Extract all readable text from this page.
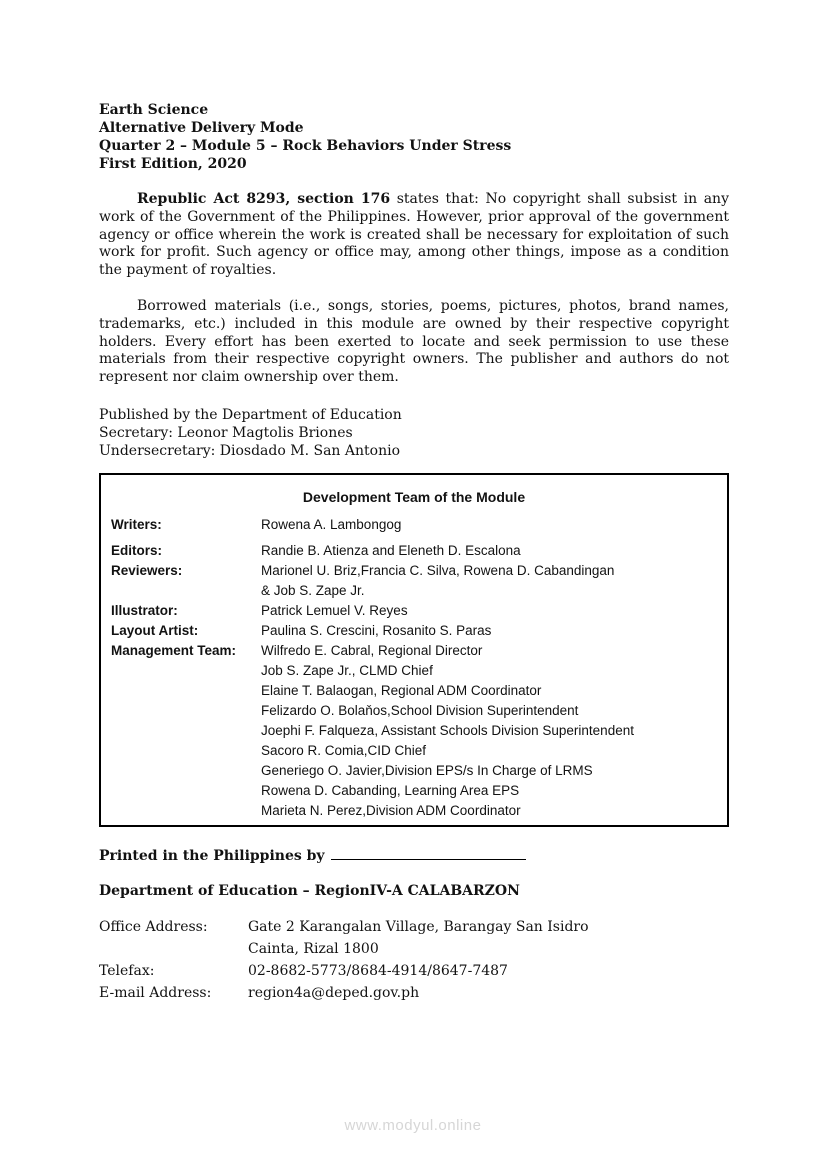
Earth Science
Alternative Delivery Mode
Quarter 2 – Module 5 – Rock Behaviors Under Stress
First Edition, 2020

Republic Act 8293, section 176 states that: No copyright shall subsist in any work of the Government of the Philippines. However, prior approval of the government agency or office wherein the work is created shall be necessary for exploitation of such work for profit. Such agency or office may, among other things, impose as a condition the payment of royalties.

Borrowed materials (i.e., songs, stories, poems, pictures, photos, brand names, trademarks, etc.) included in this module are owned by their respective copyright holders. Every effort has been exerted to locate and seek permission to use these materials from their respective copyright owners. The publisher and authors do not represent nor claim ownership over them.

Published by the Department of Education
Secretary: Leonor Magtolis Briones
Undersecretary: Diosdado M. San Antonio
Development Team of the Module
Writers:	Rowena A. Lambongog
Editors:	Randie B. Atienza and Eleneth D. Escalona
Reviewers:	Marionel U. Briz,Francia C. Silva, Rowena D. Cabandingan
& Job S. Zape Jr.
Illustrator:	Patrick Lemuel V. Reyes
Layout Artist:	Paulina S. Crescini, Rosanito S. Paras
Management Team:	Wilfredo E. Cabral, Regional Director
Job S. Zape Jr., CLMD Chief
Elaine T. Balaogan, Regional ADM Coordinator
Felizardo O. Bolaňos,School Division Superintendent
Joephi F. Falqueza, Assistant Schools Division Superintendent
Sacoro R. Comia,CID Chief
Generiego O. Javier,Division EPS/s In Charge of LRMS
Rowena D. Cabanding, Learning Area EPS
Marieta N. Perez,Division ADM Coordinator

Printed in the Philippines by

Department of Education – RegionIV-A CALABARZON

Office Address:	Gate 2 Karangalan Village, Barangay San Isidro
Cainta, Rizal 1800
Telefax:	02-8682-5773/8684-4914/8647-7487
E-mail Address:	region4a@deped.gov.ph
www.modyul.online
